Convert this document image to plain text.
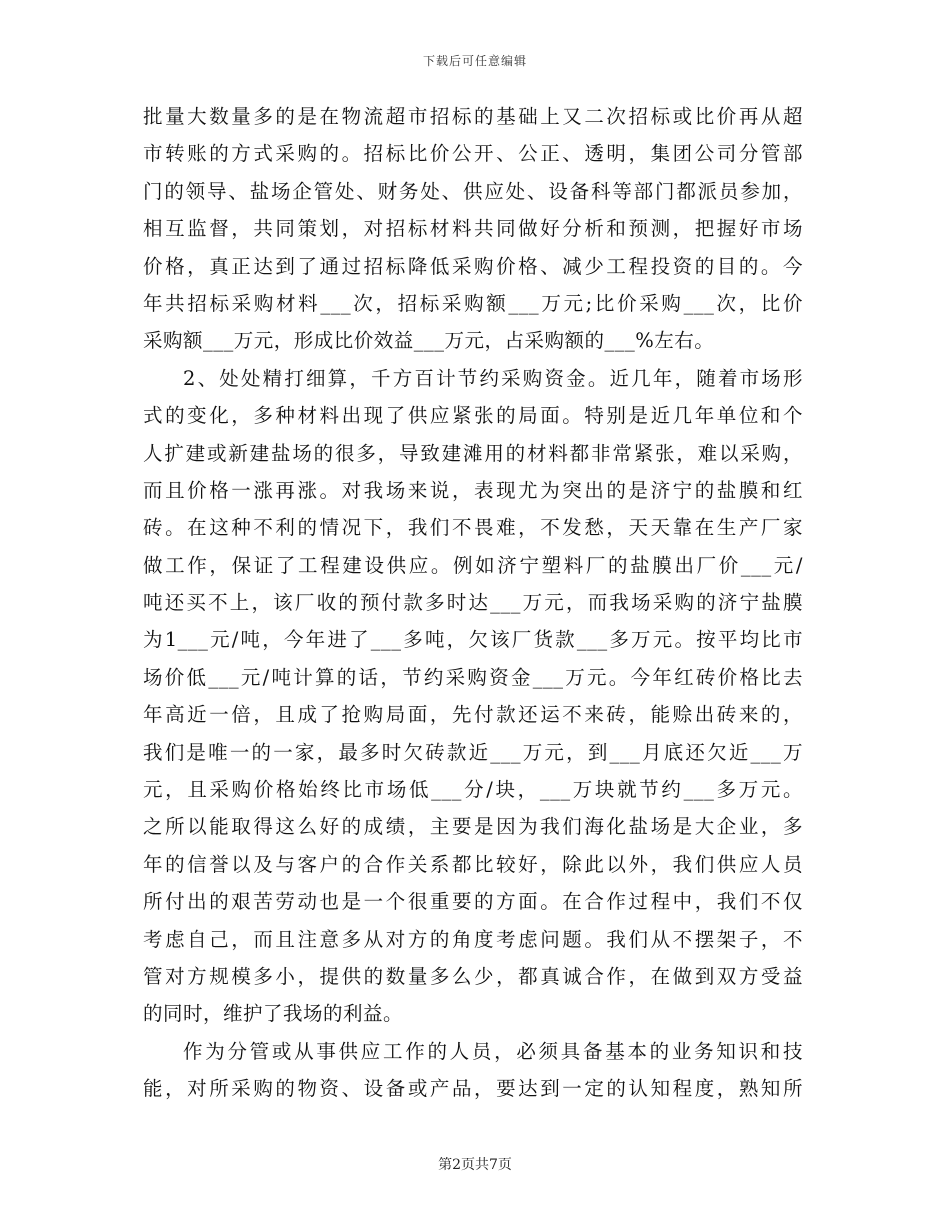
下载后可任意编辑
批量大数量多的是在物流超市招标的基础上又二次招标或比价再从超
市转账的方式采购的。招标比价公开、公正、透明，集团公司分管部
门的领导、盐场企管处、财务处、供应处、设备科等部门都派员参加，
相互监督，共同策划，对招标材料共同做好分析和预测，把握好市场
价格，真正达到了通过招标降低采购价格、减少工程投资的目的。今
年共招标采购材料___次，招标采购额___万元;比价采购___次，比价
采购额___万元，形成比价效益___万元，占采购额的___%左右。
2、处处精打细算，千方百计节约采购资金。近几年，随着市场形
式的变化，多种材料出现了供应紧张的局面。特别是近几年单位和个
人扩建或新建盐场的很多，导致建滩用的材料都非常紧张，难以采购，
而且价格一涨再涨。对我场来说，表现尤为突出的是济宁的盐膜和红
砖。在这种不利的情况下，我们不畏难，不发愁，天天靠在生产厂家
做工作，保证了工程建设供应。例如济宁塑料厂的盐膜出厂价___元/
吨还买不上，该厂收的预付款多时达___万元，而我场采购的济宁盐膜
为1___元/吨，今年进了___多吨，欠该厂货款___多万元。按平均比市
场价低___元/吨计算的话，节约采购资金___万元。今年红砖价格比去
年高近一倍，且成了抢购局面，先付款还运不来砖，能赊出砖来的，
我们是唯一的一家，最多时欠砖款近___万元，到___月底还欠近___万
元，且采购价格始终比市场低___分/块，___万块就节约___多万元。
之所以能取得这么好的成绩，主要是因为我们海化盐场是大企业，多
年的信誉以及与客户的合作关系都比较好，除此以外，我们供应人员
所付出的艰苦劳动也是一个很重要的方面。在合作过程中，我们不仅
考虑自己，而且注意多从对方的角度考虑问题。我们从不摆架子，不
管对方规模多小，提供的数量多么少，都真诚合作，在做到双方受益
的同时，维护了我场的利益。
作为分管或从事供应工作的人员，必须具备基本的业务知识和技
能，对所采购的物资、设备或产品，要达到一定的认知程度，熟知所
第2页共7页
